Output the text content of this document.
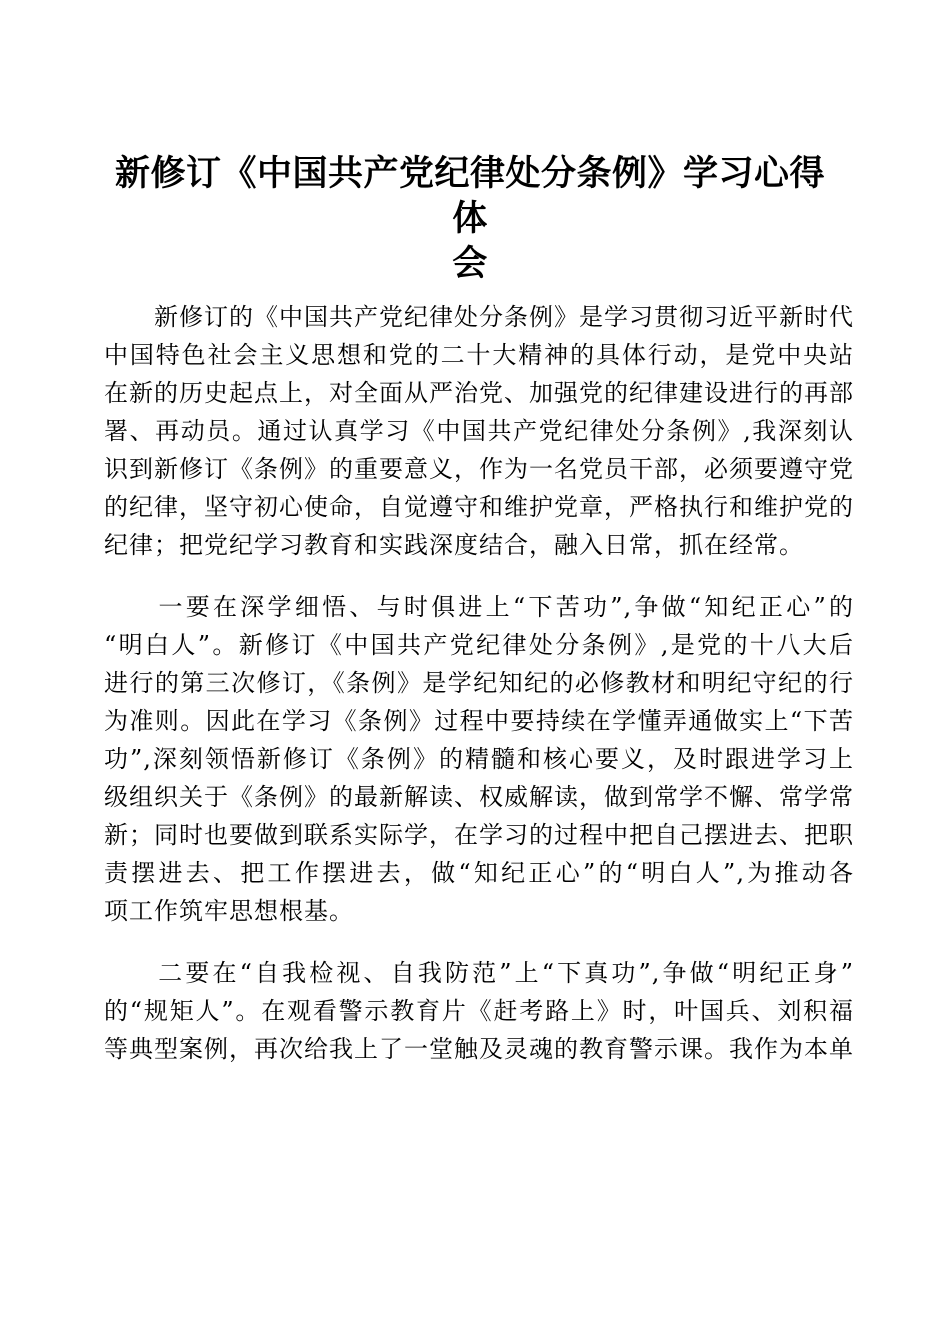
新修订《中国共产党纪律处分条例》学习心得体
会
　　新修订的《中国共产党纪律处分条例》是学习贯彻习近平新时代
中国特色社会主义思想和党的二十大精神的具体行动，是党中央站
在新的历史起点上，对全面从严治党、加强党的纪律建设进行的再部
署、再动员。通过认真学习《中国共产党纪律处分条例》,我深刻认
识到新修订《条例》的重要意义，作为一名党员干部，必须要遵守党
的纪律，坚守初心使命，自觉遵守和维护党章，严格执行和维护党的
纪律；把党纪学习教育和实践深度结合，融入日常，抓在经常。
　　一要在深学细悟、与时俱进上“下苦功”,争做“知纪正心”的
“明白人”。新修订《中国共产党纪律处分条例》,是党的十八大后
进行的第三次修订，《条例》是学纪知纪的必修教材和明纪守纪的行
为准则。因此在学习《条例》过程中要持续在学懂弄通做实上“下苦
功”,深刻领悟新修订《条例》的精髓和核心要义，及时跟进学习上
级组织关于《条例》的最新解读、权威解读，做到常学不懈、常学常
新；同时也要做到联系实际学，在学习的过程中把自己摆进去、把职
责摆进去、把工作摆进去，做“知纪正心”的“明白人”,为推动各
项工作筑牢思想根基。
　　二要在“自我检视、自我防范”上“下真功”,争做“明纪正身”
的“规矩人”。在观看警示教育片《赶考路上》时，叶国兵、刘积福
等典型案例，再次给我上了一堂触及灵魂的教育警示课。我作为本单
